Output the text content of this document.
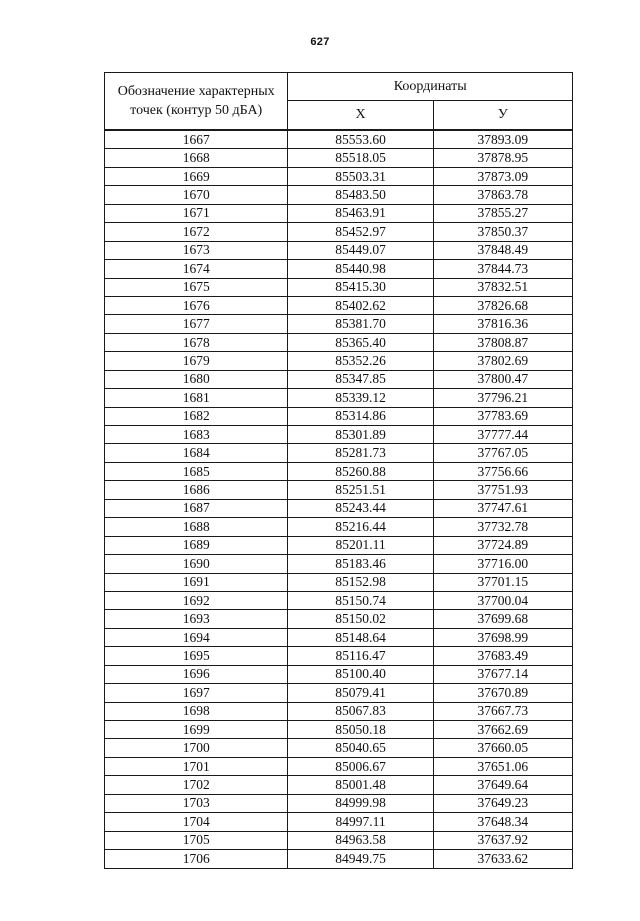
627
Обозначение характерных точек (контур 50 дБА)	Координаты	
	X	У
1667	85553.60	37893.09
1668	85518.05	37878.95
1669	85503.31	37873.09
1670	85483.50	37863.78
1671	85463.91	37855.27
1672	85452.97	37850.37
1673	85449.07	37848.49
1674	85440.98	37844.73
1675	85415.30	37832.51
1676	85402.62	37826.68
1677	85381.70	37816.36
1678	85365.40	37808.87
1679	85352.26	37802.69
1680	85347.85	37800.47
1681	85339.12	37796.21
1682	85314.86	37783.69
1683	85301.89	37777.44
1684	85281.73	37767.05
1685	85260.88	37756.66
1686	85251.51	37751.93
1687	85243.44	37747.61
1688	85216.44	37732.78
1689	85201.11	37724.89
1690	85183.46	37716.00
1691	85152.98	37701.15
1692	85150.74	37700.04
1693	85150.02	37699.68
1694	85148.64	37698.99
1695	85116.47	37683.49
1696	85100.40	37677.14
1697	85079.41	37670.89
1698	85067.83	37667.73
1699	85050.18	37662.69
1700	85040.65	37660.05
1701	85006.67	37651.06
1702	85001.48	37649.64
1703	84999.98	37649.23
1704	84997.11	37648.34
1705	84963.58	37637.92
1706	84949.75	37633.62
